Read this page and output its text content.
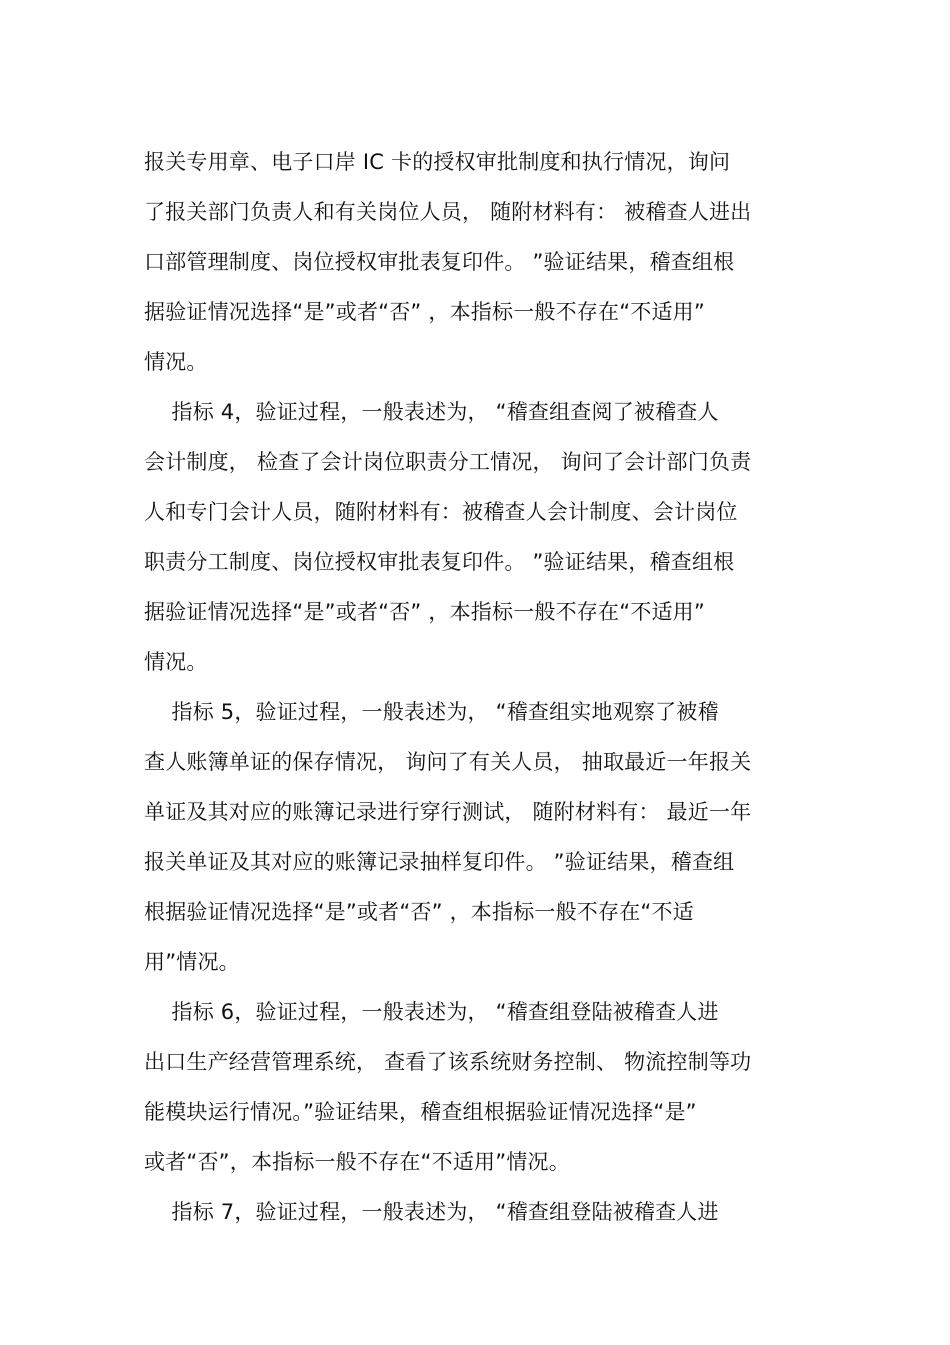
报关专用章、电子口岸 IC 卡的授权审批制度和执行情况，询问
了报关部门负责人和有关岗位人员， 随附材料有： 被稽查人进出
口部管理制度、岗位授权审批表复印件。 ”验证结果，稽查组根
据验证情况选择“是”或者“否” ，本指标一般不存在“不适用”
情况。
指标 4，验证过程，一般表述为， “稽查组查阅了被稽查人
会计制度， 检查了会计岗位职责分工情况， 询问了会计部门负责
人和专门会计人员，随附材料有：被稽查人会计制度、会计岗位
职责分工制度、岗位授权审批表复印件。 ”验证结果，稽查组根
据验证情况选择“是”或者“否” ，本指标一般不存在“不适用”
情况。
指标 5，验证过程，一般表述为， “稽查组实地观察了被稽
查人账簿单证的保存情况， 询问了有关人员， 抽取最近一年报关
单证及其对应的账簿记录进行穿行测试， 随附材料有： 最近一年
报关单证及其对应的账簿记录抽样复印件。 ”验证结果，稽查组
根据验证情况选择“是”或者“否” ，本指标一般不存在“不适
用”情况。
指标 6，验证过程，一般表述为， “稽查组登陆被稽查人进
出口生产经营管理系统， 查看了该系统财务控制、 物流控制等功
能模块运行情况。”验证结果，稽查组根据验证情况选择“是”
或者“否”，本指标一般不存在“不适用”情况。
指标 7，验证过程，一般表述为， “稽查组登陆被稽查人进
